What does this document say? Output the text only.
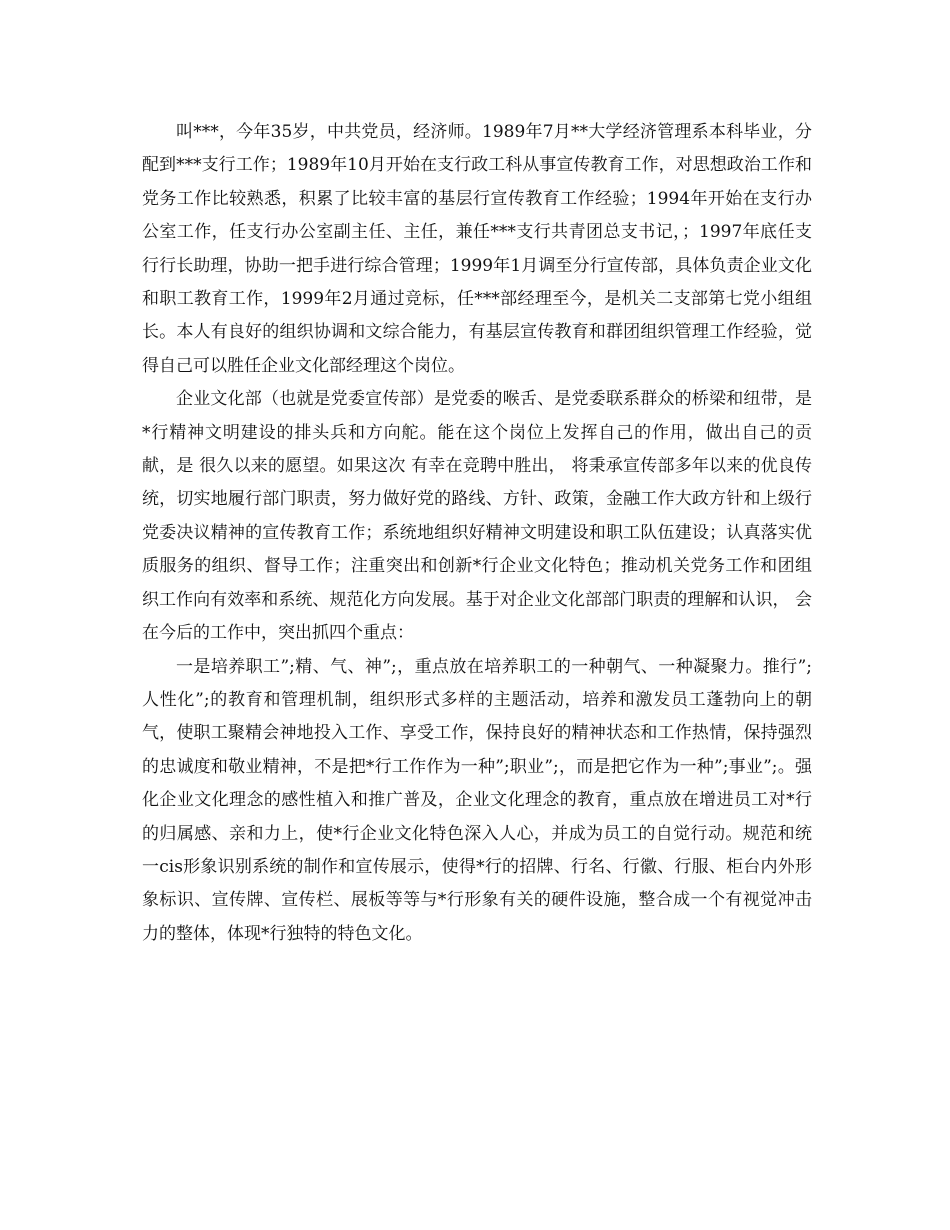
叫***，今年35岁，中共党员，经济师。1989年7月**大学经济管理系本科毕业，分配到***支行工作；1989年10月开始在支行政工科从事宣传教育工作，对思想政治工作和党务工作比较熟悉，积累了比较丰富的基层行宣传教育工作经验；1994年开始在支行办公室工作，任支行办公室副主任、主任，兼任***支行共青团总支书记，；1997年底任支行行长助理，协助一把手进行综合管理；1999年1月调至分行宣传部，具体负责企业文化和职工教育工作，1999年2月通过竞标，任***部经理至今，是机关二支部第七党小组组长。本人有良好的组织协调和文综合能力，有基层宣传教育和群团组织管理工作经验，觉得自己可以胜任企业文化部经理这个岗位。

企业文化部（也就是党委宣传部）是党委的喉舌、是党委联系群众的桥梁和纽带，是*行精神文明建设的排头兵和方向舵。能在这个岗位上发挥自己的作用，做出自己的贡献，是 很久以来的愿望。如果这次 有幸在竞聘中胜出， 将秉承宣传部多年以来的优良传统，切实地履行部门职责，努力做好党的路线、方针、政策，金融工作大政方针和上级行党委决议精神的宣传教育工作；系统地组织好精神文明建设和职工队伍建设；认真落实优质服务的组织、督导工作；注重突出和创新*行企业文化特色；推动机关党务工作和团组织工作向有效率和系统、规范化方向发展。基于对企业文化部部门职责的理解和认识， 会在今后的工作中，突出抓四个重点：

一是培养职工”;精、气、神”;，重点放在培养职工的一种朝气、一种凝聚力。推行”;人性化”;的教育和管理机制，组织形式多样的主题活动，培养和激发员工蓬勃向上的朝气，使职工聚精会神地投入工作、享受工作，保持良好的精神状态和工作热情，保持强烈的忠诚度和敬业精神，不是把*行工作作为一种”;职业”;，而是把它作为一种”;事业”;。强化企业文化理念的感性植入和推广普及，企业文化理念的教育，重点放在增进员工对*行的归属感、亲和力上，使*行企业文化特色深入人心，并成为员工的自觉行动。规范和统一cis形象识别系统的制作和宣传展示，使得*行的招牌、行名、行徽、行服、柜台内外形象标识、宣传牌、宣传栏、展板等等与*行形象有关的硬件设施，整合成一个有视觉冲击力的整体，体现*行独特的特色文化。
